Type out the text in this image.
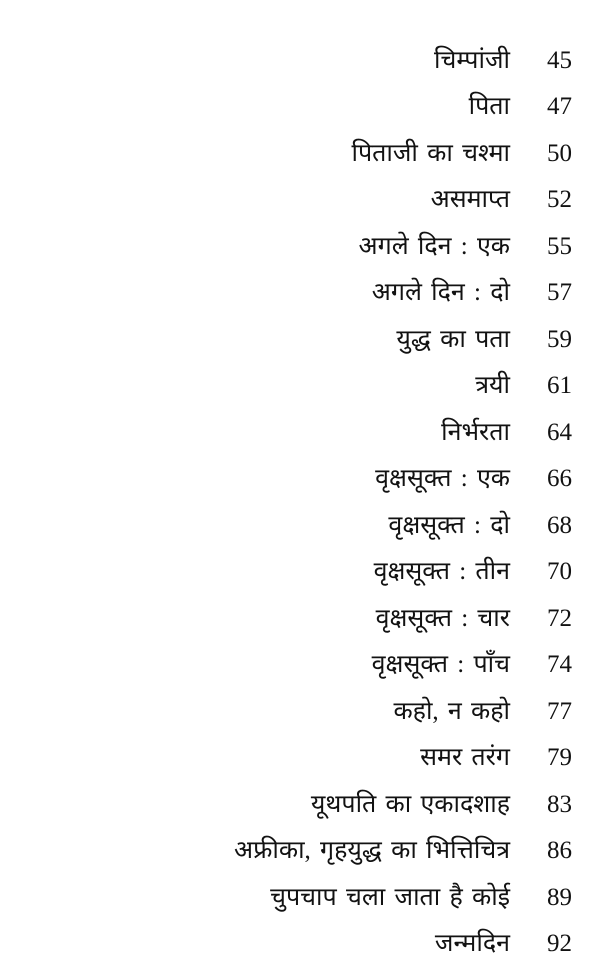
चिम्पांजी 45
पिता 47
पिताजी का चश्मा 50
असमाप्त 52
अगले दिन : एक 55
अगले दिन : दो 57
युद्ध का पता 59
त्रयी 61
निर्भरता 64
वृक्षसूक्त : एक 66
वृक्षसूक्त : दो 68
वृक्षसूक्त : तीन 70
वृक्षसूक्त : चार 72
वृक्षसूक्त : पाँच 74
कहो, न कहो 77
समर तरंग 79
यूथपति का एकादशाह 83
अफ्रीका, गृहयुद्ध का भित्तिचित्र 86
चुपचाप चला जाता है कोई 89
जन्मदिन 92
